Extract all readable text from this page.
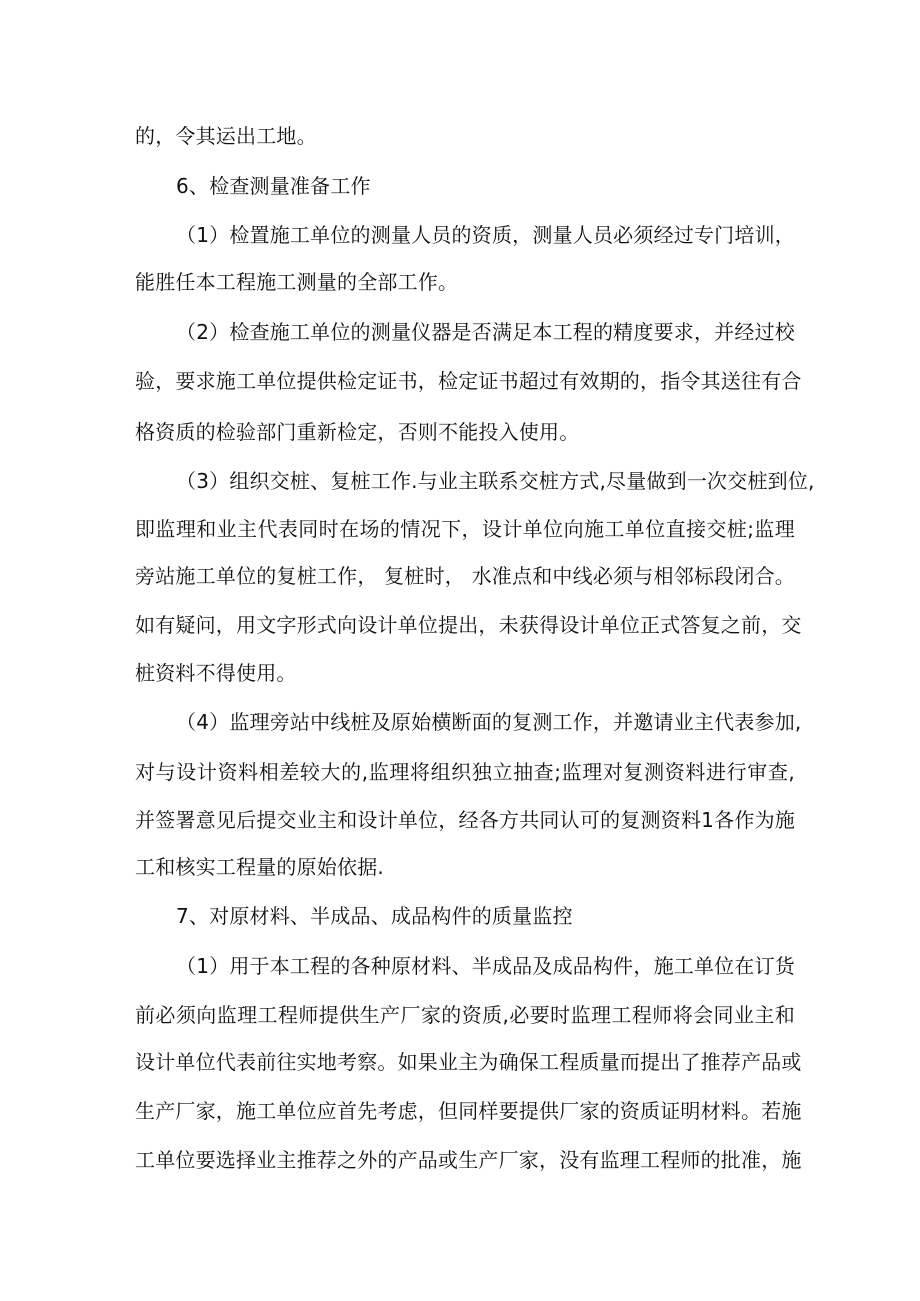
的，令其运出工地。
6、检查测量准备工作
（1）检置施工单位的测量人员的资质，测量人员必须经过专门培训，
能胜任本工程施工测量的全部工作。
（2）检查施工单位的测量仪器是否满足本工程的精度要求，并经过校
验，要求施工单位提供检定证书，检定证书超过有效期的，指令其送往有合
格资质的检验部门重新检定，否则不能投入使用。
（3）组织交桩、复桩工作.与业主联系交桩方式,尽量做到一次交桩到位,
即监理和业主代表同时在场的情况下，设计单位向施工单位直接交桩;监理
旁站施工单位的复桩工作， 复桩时， 水准点和中线必须与相邻标段闭合。
如有疑问，用文字形式向设计单位提出，未获得设计单位正式答复之前，交
桩资料不得使用。
（4）监理旁站中线桩及原始横断面的复测工作，并邀请业主代表参加,
对与设计资料相差较大的,监理将组织独立抽查;监理对复测资料进行审查,
并签署意见后提交业主和设计单位，经各方共同认可的复测资料1各作为施
工和核实工程量的原始依据.
7、对原材料、半成品、成品构件的质量监控
（1）用于本工程的各种原材料、半成品及成品构件，施工单位在订货
前必须向监理工程师提供生产厂家的资质,必要时监理工程师将会同业主和
设计单位代表前往实地考察。如果业主为确保工程质量而提出了推荐产品或
生产厂家，施工单位应首先考虑，但同样要提供厂家的资质证明材料。若施
工单位要选择业主推荐之外的产品或生产厂家，没有监理工程师的批准，施
